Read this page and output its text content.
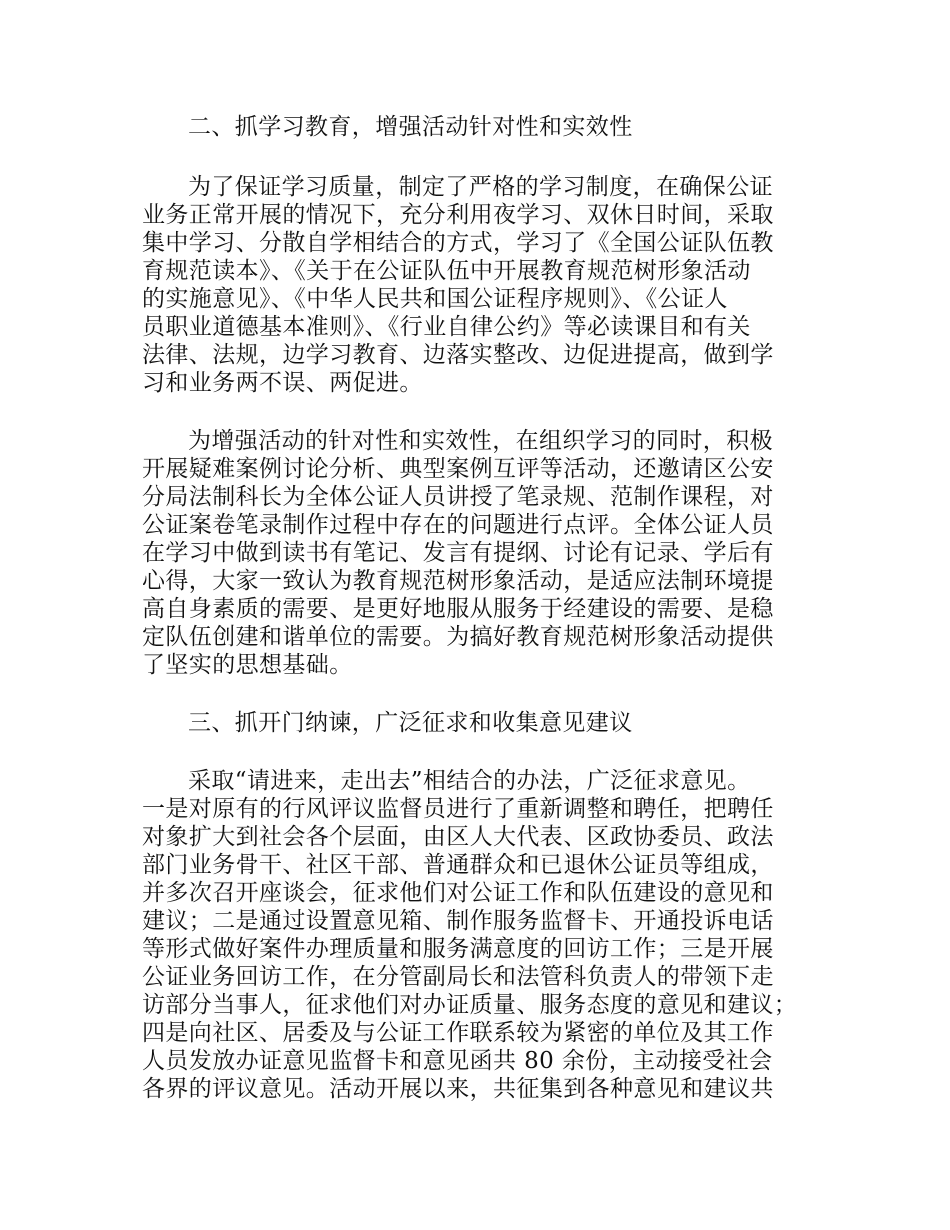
二、抓学习教育，增强活动针对性和实效性
为了保证学习质量，制定了严格的学习制度，在确保公证
业务正常开展的情况下，充分利用夜学习、双休日时间，采取
集中学习、分散自学相结合的方式，学习了《全国公证队伍教
育规范读本》、《关于在公证队伍中开展教育规范树形象活动
的实施意见》、《中华人民共和国公证程序规则》、《公证人
员职业道德基本准则》、《行业自律公约》等必读课目和有关
法律、法规，边学习教育、边落实整改、边促进提高，做到学
习和业务两不误、两促进。
为增强活动的针对性和实效性，在组织学习的同时，积极
开展疑难案例讨论分析、典型案例互评等活动，还邀请区公安
分局法制科长为全体公证人员讲授了笔录规、范制作课程，对
公证案卷笔录制作过程中存在的问题进行点评。全体公证人员
在学习中做到读书有笔记、发言有提纲、讨论有记录、学后有
心得，大家一致认为教育规范树形象活动，是适应法制环境提
高自身素质的需要、是更好地服从服务于经建设的需要、是稳
定队伍创建和谐单位的需要。为搞好教育规范树形象活动提供
了坚实的思想基础。
三、抓开门纳谏，广泛征求和收集意见建议
采取“请进来，走出去”相结合的办法，广泛征求意见。
一是对原有的行风评议监督员进行了重新调整和聘任，把聘任
对象扩大到社会各个层面，由区人大代表、区政协委员、政法
部门业务骨干、社区干部、普通群众和已退休公证员等组成，
并多次召开座谈会，征求他们对公证工作和队伍建设的意见和
建议；二是通过设置意见箱、制作服务监督卡、开通投诉电话
等形式做好案件办理质量和服务满意度的回访工作；三是开展
公证业务回访工作，在分管副局长和法管科负责人的带领下走
访部分当事人，征求他们对办证质量、服务态度的意见和建议；
四是向社区、居委及与公证工作联系较为紧密的单位及其工作
人员发放办证意见监督卡和意见函共 80 余份，主动接受社会
各界的评议意见。活动开展以来，共征集到各种意见和建议共
